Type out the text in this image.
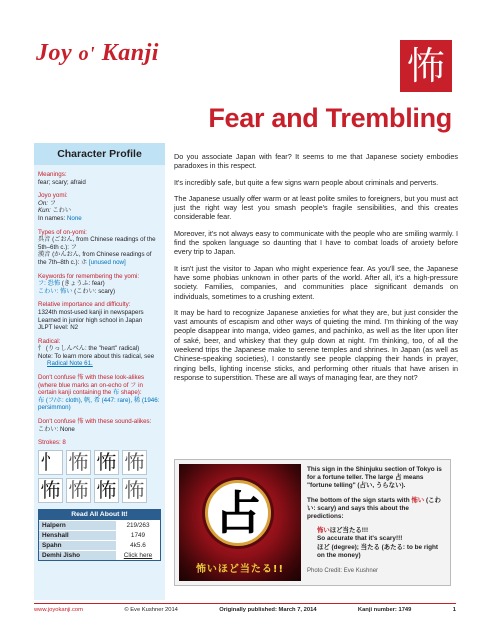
Joy o' Kanji	怖
Fear and Trembling
Character Profile
Meanings:
fear; scary; afraid
Joyo yomi:
On: フ
Kun: こわい
In names: None
Types of on-yomi:
呉音 (ごおん, from Chinese readings of the 5th–6th c.): フ
漢音 (かんおん, from Chinese readings of the 7th–8th c.): ホ [unused now]
Keywords for remembering the yomi:
フ: 恐怖 (きょうふ: fear)
こわい: 怖い (こわい: scary)
Relative importance and difficulty:
1324th most-used kanji in newspapers
Learned in junior high school in Japan
JLPT level: N2
Radical:
忄 (りっしんべん: the "heart" radical)
Note: To learn more about this radical, see
Radical Note 61.
Don't confuse 怖 with these look-alikes (where blue marks an on-echo of フ in certain kanji containing the 布 shape):
布 (フ/ホ: cloth), 帆, 希 (447: rare), 稀 (1946: persimmon)
Don't confuse 怖 with these sound-alikes:
こわい: None
Strokes: 8
忄 怖 怖 怖
怖 怖 怖 怖
Read All About It!
Halpern	219/263
Henshall	1749
Spahn	4k5.6
Demhi Jisho	Click here

Do you associate Japan with fear? It seems to me that Japanese society embodies paradoxes in this respect.

It's incredibly safe, but quite a few signs warn people about criminals and perverts.

The Japanese usually offer warm or at least polite smiles to foreigners, but you must act just the right way lest you smash people's fragile sensibilities, and this creates considerable fear.

Moreover, it's not always easy to communicate with the people who are smiling warmly. I find the spoken language so daunting that I have to combat loads of anxiety before every trip to Japan.

It isn't just the visitor to Japan who might experience fear. As you'll see, the Japanese have some phobias unknown in other parts of the world. After all, it's a high-pressure society. Families, companies, and communities place significant demands on individuals, sometimes to a crushing extent.

It may be hard to recognize Japanese anxieties for what they are, but just consider the vast amounts of escapism and other ways of quieting the mind. I'm thinking of the way people disappear into manga, video games, and pachinko, as well as the liter upon liter of saké, beer, and whiskey that they gulp down at night. I'm thinking, too, of all the weekend trips the Japanese make to serene temples and shrines. In Japan (as well as Chinese-speaking societies), I constantly see people clapping their hands in prayer, ringing bells, lighting incense sticks, and performing other rituals that have arisen in response to superstition. These are all ways of managing fear, are they not?

占
怖いほど当たる!!
This sign in the Shinjuku section of Tokyo is for a fortune teller. The large 占 means "fortune telling" (占い, うらない).
The bottom of the sign starts with 怖い (こわい: scary) and says this about the predictions:
怖いほど当たる!!!
So accurate that it's scary!!!
ほど (degree); 当たる (あたる: to be right on the money)
Photo Credit: Eve Kushner
www.joyokanji.com	© Eve Kushner 2014	Originally published: March 7, 2014	Kanji number: 1749	1
